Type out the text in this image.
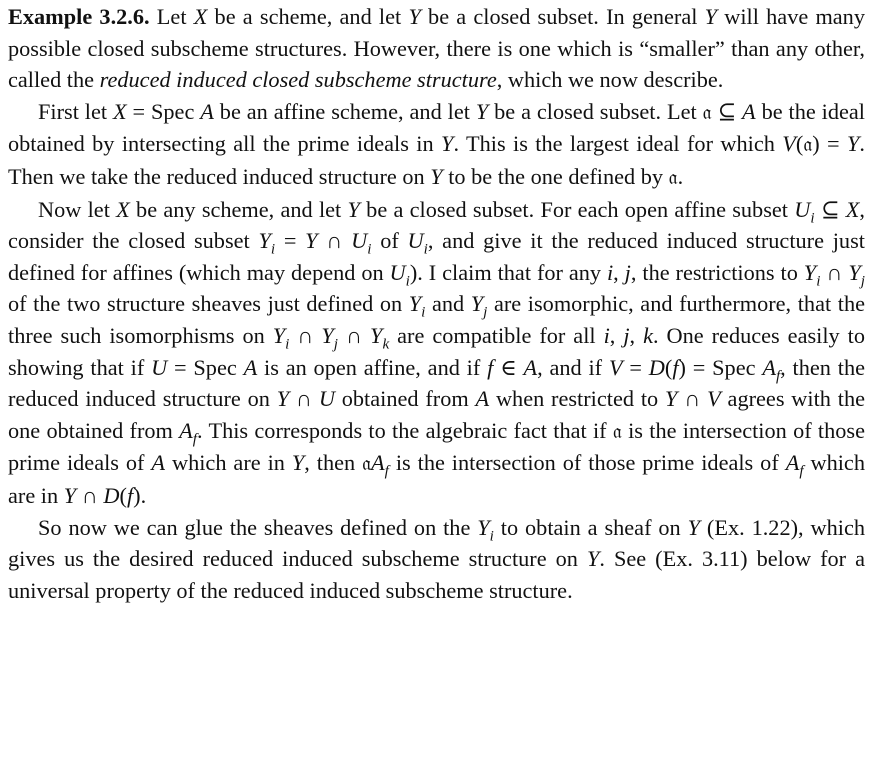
Example 3.2.6. Let X be a scheme, and let Y be a closed subset. In general Y will have many possible closed subscheme structures. However, there is one which is “smaller” than any other, called the reduced induced closed subscheme structure, which we now describe.

First let X = Spec A be an affine scheme, and let Y be a closed subset. Let 𝔞 ⊆ A be the ideal obtained by intersecting all the prime ideals in Y. This is the largest ideal for which V(𝔞) = Y. Then we take the reduced induced structure on Y to be the one defined by 𝔞.

Now let X be any scheme, and let Y be a closed subset. For each open affine subset $U_i$ ⊆ X, consider the closed subset $Y_i = Y$ ∩ $U_i$ of $U_i$, and give it the reduced induced structure just defined for affines (which may depend on $U_i$). I claim that for any i, j, the restrictions to $Y_i$ ∩ $Y_j$ of the two structure sheaves just defined on $Y_i$ and $Y_j$ are isomorphic, and furthermore, that the three such isomorphisms on $Y_i$ ∩ $Y_j$ ∩ $Y_k$ are compatible for all i, j, k. One reduces easily to showing that if U = Spec A is an open affine, and if f ∈ A, and if V = D(f) = Spec $A_f$, then the reduced induced structure on Y ∩ U obtained from A when restricted to Y ∩ V agrees with the one obtained from $A_f$. This corresponds to the algebraic fact that if 𝔞 is the intersection of those prime ideals of A which are in Y, then 𝔞A$_f$ is the intersection of those prime ideals of $A_f$ which are in Y ∩ D(f).

So now we can glue the sheaves defined on the $Y_i$ to obtain a sheaf on Y (Ex. 1.22), which gives us the desired reduced induced subscheme structure on Y. See (Ex. 3.11) below for a universal property of the reduced induced subscheme structure.
